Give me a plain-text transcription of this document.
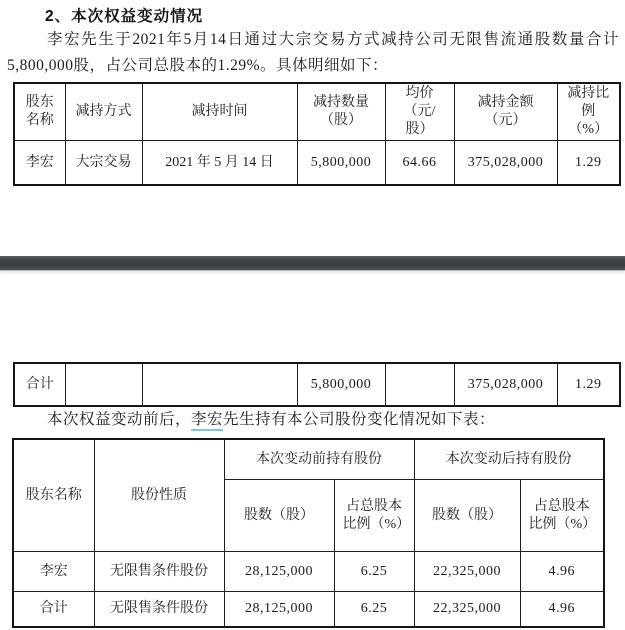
2、本次权益变动情况

李宏先生于2021年5月14日通过大宗交易方式减持公司无限售流通股数量合计5,800,000股，占公司总股本的1.29%。具体明细如下：

股东名称	减持方式	减持时间	减持数量（股）	均价（元/股）	减持金额（元）	减持比例（%）
李宏	大宗交易	2021 年 5 月 14 日	5,800,000	64.66	375,028,000	1.29
合计			5,800,000		375,028,000	1.29

本次权益变动前后，李宏先生持有本公司股份变化情况如下表：

股东名称	股份性质	本次变动前持有股份		本次变动后持有股份	
		股数（股）	占总股本比例（%）	股数（股）	占总股本比例（%）
李宏	无限售条件股份	28,125,000	6.25	22,325,000	4.96
合计	无限售条件股份	28,125,000	6.25	22,325,000	4.96
